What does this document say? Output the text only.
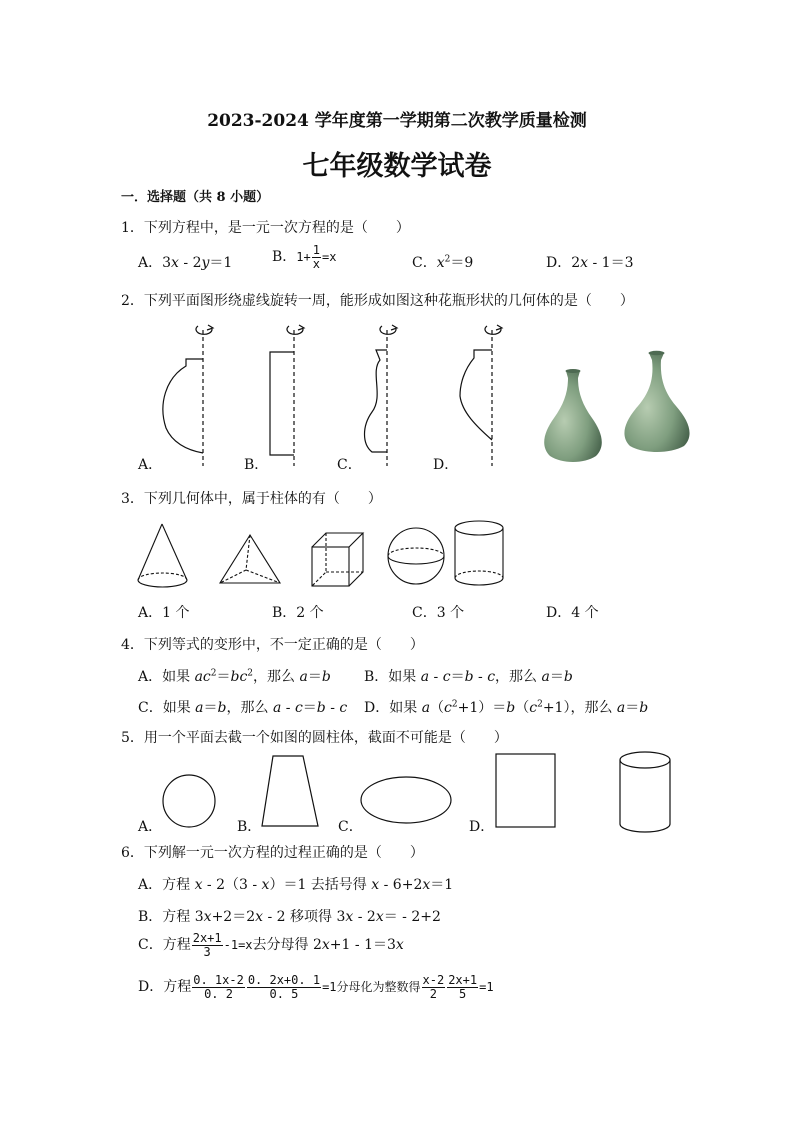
2023-2024 学年度第一学期第二次教学质量检测
七年级数学试卷
一．选择题（共 8 小题）
1．下列方程中，是一元一次方程的是（　　）
A．3x - 2y＝1	B．$1+ \frac{1}{x} =x$	C．$x^2=9$	D．2x - 1＝3
2．下列平面图形绕虚线旋转一周，能形成如图这种花瓶形状的几何体的是（　　）
A．	B．	C．	D．
3．下列几何体中，属于柱体的有（　　）
A．1 个	B．2 个	C．3 个	D．4 个
4．下列等式的变形中，不一定正确的是（　　）
A．如果 $ac^2=bc^2$，那么 a＝b B．如果 a - c＝b - c，那么 a＝b
C．如果 a＝b，那么 a - c＝b - c D．如果 $a(c^2+1)=b(c^2+1)$，那么 a＝b
5．用一个平面去截一个如图的圆柱体，截面不可能是（　　）
A．	B．	C．	D．
6．下列解一元一次方程的过程正确的是（　　）
A．方程 x - 2（3 - x）＝1 去括号得 x - 6+2x＝1
B．方程 3x+2＝2x - 2 移项得 3x - 2x＝ - 2+2
C．方程 $\frac{2x+1}{3} -1=x$去分母得 2x+1 - 1＝3x
D．方程 $\frac{0. 1x-2}{0. 2} \frac{0. 2x+0. 1}{0. 5} =1$分母化为整数得 $\frac{x-2}{2} \frac{2x+1}{5} =1$
